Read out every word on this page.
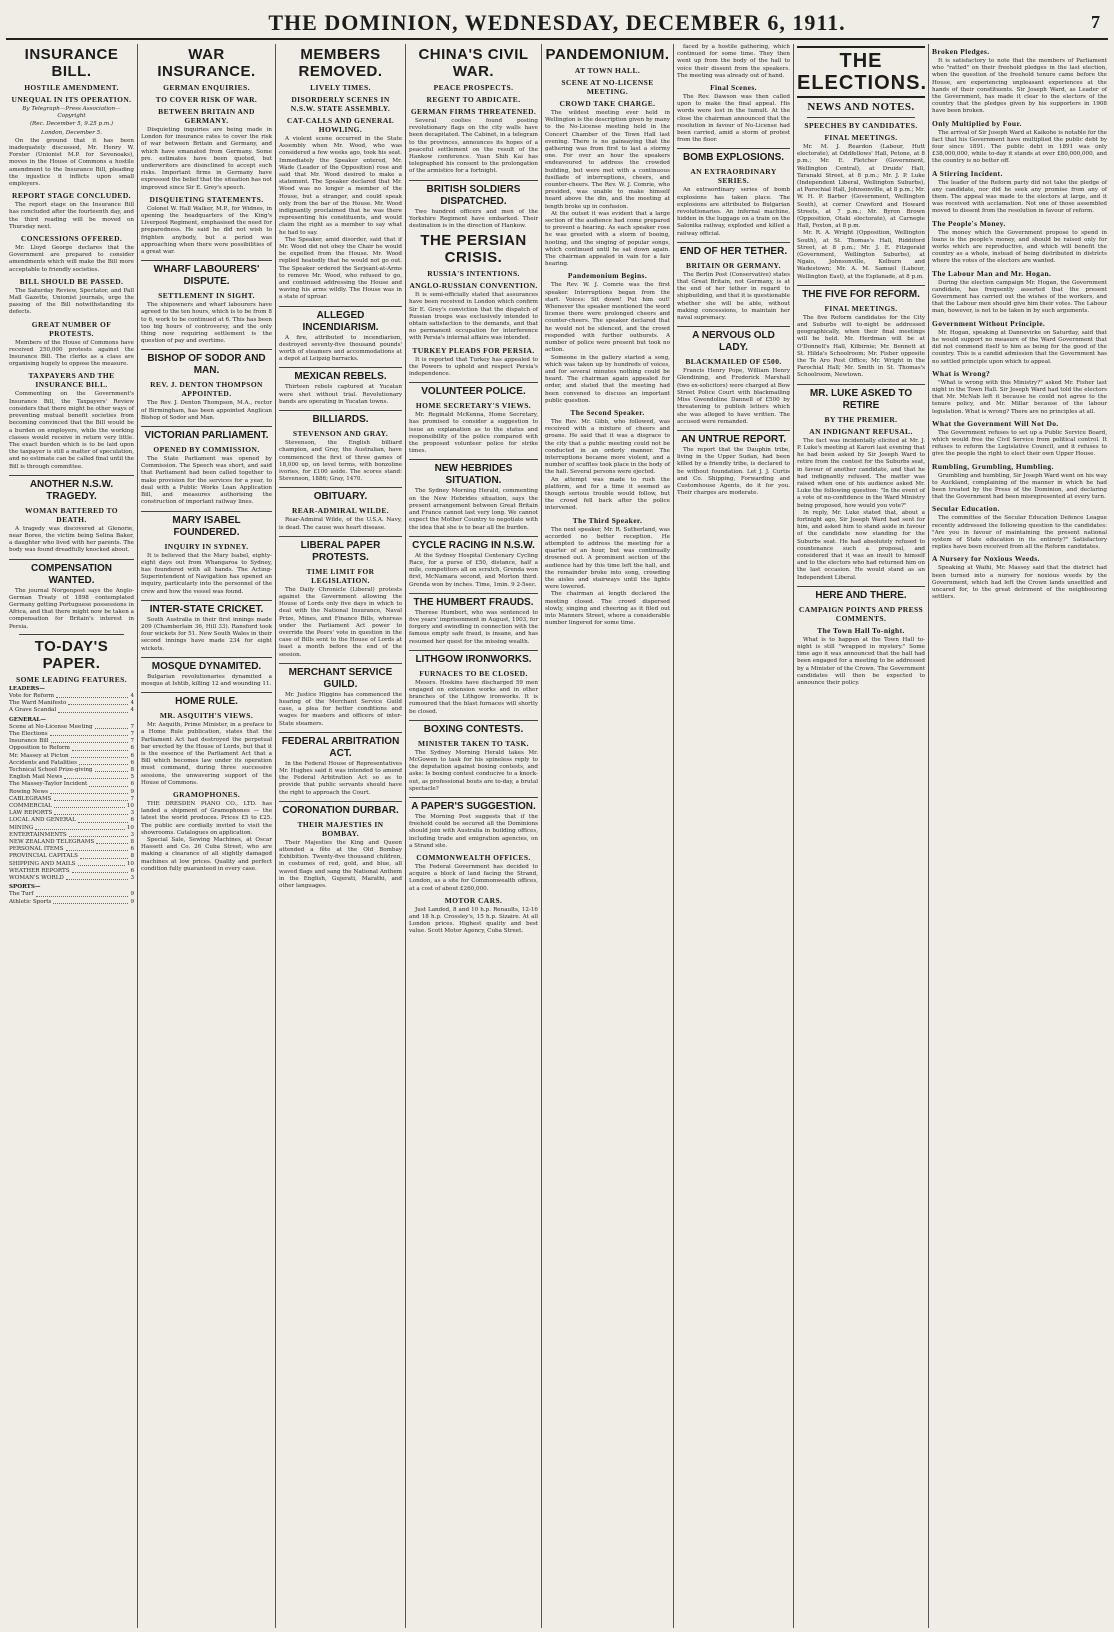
THE DOMINION, WEDNESDAY, DECEMBER 6, 1911.	7
INSURANCE BILL.
HOSTILE AMENDMENT.
UNEQUAL IN ITS OPERATION.
By Telegraph—Press Association—Copyright
(Rec. December 5, 9.25 p.m.)
London, December 5.

On the ground that it has been inadequately discussed, Mr. Henry W. Forster (Unionist M.P. for Sevenoaks), moves in the House of Commons a hostile amendment to the Insurance Bill, pleading the injustice it inflicts upon small employers.

REPORT STAGE CONCLUDED.

The report stage on the Insurance Bill has concluded after the fourteenth day, and the third reading will be moved on Thursday next.

CONCESSIONS OFFERED.

Mr. Lloyd George declares that the Government are prepared to consider amendments which will make the Bill more acceptable to friendly societies.

BILL SHOULD BE PASSED.

The Saturday Review, Spectator, and Pall Mall Gazette, Unionist journals, urge the passing of the Bill notwithstanding its defects.

GREAT NUMBER OF PROTESTS.

Members of the House of Commons have received 250,000 protests against the Insurance Bill. The clerks as a class are organising hugely to oppose the measure.

TAXPAYERS AND THE INSURANCE BILL.

Commenting on the Government's Insurance Bill, the Taxpayers' Review considers that there might be other ways of preventing mutual benefit societies from becoming convinced that the Bill would be a burden on employers, while the working classes would receive in return very little. The exact burden which is to be laid upon the taxpayer is still a matter of speculation, and no estimate can be called final until the Bill is through committee.

ANOTHER N.S.W. TRAGEDY.
WOMAN BATTERED TO DEATH.

A tragedy was discovered at Glenorie, near Boree, the victim being Selina Baker, a daughter who lived with her parents. The body was found dreadfully knocked about.

COMPENSATION WANTED.

The journal Norgenpost says the Anglo-German Treaty of 1898 contemplated Germany getting Portuguese possessions in Africa, and that there might now be taken a compensation for Britain's interest in Persia.

TO-DAY'S PAPER.
SOME LEADING FEATURES.
LEADERS—
Vote for Reform	4
The Ward Manifesto	4
A Grave Scandal	4
GENERAL—
Scene at No-License Meeting	7
The Elections	7
Insurance Bill	7
Opposition to Reform	6
Mr. Massey at Picton	6
Accidents and Fatalities	6
Technical School Prize-giving	8
English Mail News	5
The Massey-Taylor Incident	6
Rowing News	9
CABLEGRAMS	7
COMMERCIAL	10
LAW REPORTS	3
LOCAL AND GENERAL	6
MINING	10
ENTERTAINMENTS	3
NEW ZEALAND TELEGRAMS	8
PERSONAL ITEMS	6
PROVINCIAL CAPITALS	8
SHIPPING AND MAILS	10
WEATHER REPORTS	6
WOMAN'S WORLD	3
SPORTS—
The Turf	9
Athletic Sports	9
WAR INSURANCE.
GERMAN ENQUIRIES.
TO COVER RISK OF WAR.
BETWEEN BRITAIN AND GERMANY.

Disquieting inquiries are being made in London for insurance rates to cover the risk of war between Britain and Germany, and which have emanated from Germany. Some pre. estimates have been quoted, but underwriters are disinclined to accept such risks. Important firms in Germany have expressed the belief that the situation has not improved since Sir E. Grey's speech.

DISQUIETING STATEMENTS.

Colonel W. Hall Walker, M.P., for Widnes, in opening the headquarters of the King's Liverpool Regiment, emphasised the need for preparedness. He said he did not wish to frighten anybody, but a period was approaching when there were possibilities of a great war.

WHARF LABOURERS' DISPUTE.
SETTLEMENT IN SIGHT.

The shipowners and wharf labourers have agreed to the ten hours, which is to be from 8 to 6, work to be continued at 6. This has been too big hours of controversy, and the only thing now requiring settlement is the question of pay and overtime.

BISHOP OF SODOR AND MAN.
REV. J. DENTON THOMPSON APPOINTED.

The Rev. J. Denton Thompson, M.A., rector of Birmingham, has been appointed Anglican Bishop of Sodor and Man.

VICTORIAN PARLIAMENT.
OPENED BY COMMISSION.

The State Parliament was opened by Commission. The Speech was short, and said that Parliament had been called together to make provision for the services for a year, to deal with a Public Works Loan Application Bill, and measures authorising the construction of important railway lines.

MARY ISABEL FOUNDERED.
INQUIRY IN SYDNEY.

It is believed that the Mary Isabel, eighty-eight days out from Whangaroa to Sydney, has foundered with all hands. The Acting-Superintendent of Navigation has opened an inquiry, particularly into the personnel of the crew and how the vessel was found.

INTER-STATE CRICKET.

South Australia in their first innings made 209 (Chamberlain 36, Hill 33). Ransford took four wickets for 51. New South Wales in their second innings have made 234 for eight wickets.

MOSQUE DYNAMITED.

Bulgarian revolutionaries dynamited a mosque at Ishtib, killing 12 and wounding 11.

HOME RULE.
MR. ASQUITH'S VIEWS.

Mr. Asquith, Prime Minister, in a preface to a Home Rule publication, states that the Parliament Act had destroyed the perpetual bar erected by the House of Lords, but that it is the essence of the Parliament Act that a Bill which becomes law under its operation must command, during three successive sessions, the unwavering support of the House of Commons.

GRAMOPHONES.

THE DRESDEN PIANO CO., LTD. has landed a shipment of Gramophones — the latest the world produces. Prices £5 to £25. The public are cordially invited to visit the showrooms. Catalogues on application.

Special Sale, Sewing Machines, at Oscar Hassett and Co. 26 Cuba Street, who are making a clearance of all slightly damaged machines at low prices. Quality and perfect condition fully guaranteed in every case.

MEMBERS REMOVED.
LIVELY TIMES.
DISORDERLY SCENES IN N.S.W. STATE ASSEMBLY.
CAT-CALLS AND GENERAL HOWLING.

A violent scene occurred in the State Assembly when Mr. Wood, who was considered a few weeks ago, took his seat. Immediately the Speaker entered, Mr. Wade (Leader of the Opposition) rose and said that Mr. Wood desired to make a statement. The Speaker declared that Mr. Wood was no longer a member of the House, but a stranger, and could speak only from the bar of the House. Mr. Wood indignantly proclaimed that he was there representing his constituents, and would claim the right as a member to say what he had to say.

The Speaker, amid disorder, said that if Mr. Wood did not obey the Chair he would be expelled from the House. Mr. Wood replied heatedly that he would not go out. The Speaker ordered the Serjeant-at-Arms to remove Mr. Wood, who refused to go, and continued addressing the House and waving his arms wildly. The House was in a state of uproar.

ALLEGED INCENDIARISM.

A fire, attributed to incendiarism, destroyed seventy-five thousand pounds' worth of steamers and accommodations at a depot at Leipzig barracks.

MEXICAN REBELS.

Thirteen rebels captured at Yucatan were shot without trial. Revolutionary bands are operating in Yucatan towns.

BILLIARDS.
STEVENSON AND GRAY.

Stevenson, the English billiard champion, and Gray, the Australian, have commenced the first of three games of 18,000 up, on level terms, with bonzoline ivories, for £100 aside. The scores stand: Stevenson, 1886; Gray, 1470.

OBITUARY.
REAR-ADMIRAL WILDE.

Rear-Admiral Wilde, of the U.S.A. Navy, is dead. The cause was heart disease.

LIBERAL PAPER PROTESTS.
TIME LIMIT FOR LEGISLATION.

The Daily Chronicle (Liberal) protests against the Government allowing the House of Lords only five days in which to deal with the National Insurance, Naval Prize, Mines, and Finance Bills, whereas under the Parliament Act power to override the Peers' vote in question in the case of Bills sent to the House of Lords at least a month before the end of the session.

MERCHANT SERVICE GUILD.

Mr. Justice Higgins has commenced the hearing of the Merchant Service Guild case, a plea for better conditions and wages for masters and officers of inter-State steamers.

FEDERAL ARBITRATION ACT.

In the Federal House of Representatives Mr. Hughes said it was intended to amend the Federal Arbitration Act so as to provide that public servants should have the right to approach the Court.

CORONATION DURBAR.
THEIR MAJESTIES IN BOMBAY.

Their Majesties the King and Queen attended a fête at the Old Bombay Exhibition. Twenty-five thousand children, in costumes of red, gold, and blue, all waved flags and sang the National Anthem in the English, Gujerati, Marathi, and other languages.

CHINA'S CIVIL WAR.
PEACE PROSPECTS.
REGENT TO ABDICATE.
GERMAN FIRMS THREATENED.

Several coolies found posting revolutionary flags on the city walls have been decapitated. The Cabinet, in a telegram to the provinces, announces its hopes of a peaceful settlement on the result of the Hankow conference. Yuan Shih Kai has telegraphed his consent to the prolongation of the armistice for a fortnight.

BRITISH SOLDIERS DISPATCHED.

Two hundred officers and men of the Yorkshire Regiment have embarked. Their destination is in the direction of Hankow.

THE PERSIAN CRISIS.
RUSSIA'S INTENTIONS.
ANGLO-RUSSIAN CONVENTION.

It is semi-officially stated that assurances have been received in London which confirm Sir E. Grey's conviction that the dispatch of Russian troops was exclusively intended to obtain satisfaction to the demands, and that no permanent occupation for interference with Persia's internal affairs was intended.

TURKEY PLEADS FOR PERSIA.

It is reported that Turkey has appealed to the Powers to uphold and respect Persia's independence.

VOLUNTEER POLICE.
HOME SECRETARY'S VIEWS.

Mr. Reginald McKenna, Home Secretary, has promised to consider a suggestion to issue an explanation as to the status and responsibility of the police compared with the proposed volunteer police for strike times.

NEW HEBRIDES SITUATION.

The Sydney Morning Herald, commenting on the New Hebrides situation, says the present arrangement between Great Britain and France cannot last very long. We cannot expect the Mother Country to negotiate with the idea that she is to bear all the burden.

CYCLE RACING IN N.S.W.

At the Sydney Hospital Centenary Cycling Race, for a purse of £50, distance, half a mile, competitors all on scratch, Grenda won first, McNamara second, and Morton third. Grenda won by inches. Time, 1min. 9 2-5sec.

THE HUMBERT FRAUDS.

Therese Humbert, who was sentenced to five years' imprisonment in August, 1903, for forgery and swindling in connection with the famous empty safe fraud, is insane, and has resumed her quest for the missing wealth.

LITHGOW IRONWORKS.
FURNACES TO BE CLOSED.

Messrs. Hoskins have discharged 59 men engaged on extension works and in other branches of the Lithgow ironworks. It is rumoured that the blast furnaces will shortly be closed.

BOXING CONTESTS.
MINISTER TAKEN TO TASK.

The Sydney Morning Herald takes Mr. McGowen to task for his spineless reply to the deputation against boxing contests, and asks: Is boxing contest conducive to a knock-out, as professional bouts are to-day, a brutal spectacle?

A PAPER'S SUGGESTION.

The Morning Post suggests that if the freehold could be secured all the Dominions should join with Australia in building offices, including trade and emigration agencies, on a Strand site.

COMMONWEALTH OFFICES.

The Federal Government has decided to acquire a block of land facing the Strand, London, as a site for Commonwealth offices, at a cost of about £260,000.

MOTOR CARS.

Just Landed, 8 and 10 h.p. Renaults, 12-16 and 18 h.p. Crossley's, 15 h.p. Sizaire. At all London prices. Highest quality and best value. Scott Motor Agency, Cuba Street.

PANDEMONIUM.
AT TOWN HALL.
SCENE AT NO-LICENSE MEETING.
CROWD TAKE CHARGE.

The wildest meeting ever held in Wellington is the description given by many to the No-License meeting held in the Concert Chamber of the Town Hall last evening. There is no gainsaying that the gathering was from first to last a stormy one. For over an hour the speakers endeavoured to address the crowded building, but were met with a continuous fusillade of interruptions, cheers, and counter-cheers. The Rev. W. J. Comrie, who presided, was unable to make himself heard above the din, and the meeting at length broke up in confusion.

At the outset it was evident that a large section of the audience had come prepared to prevent a hearing. As each speaker rose he was greeted with a storm of booing, hooting, and the singing of popular songs, which continued until he sat down again. The chairman appealed in vain for a fair hearing.

Pandemonium Begins.

The Rev. W. J. Comrie was the first speaker. Interruptions began from the start. Voices: Sit down! Put him out! Whenever the speaker mentioned the word license there were prolonged cheers and counter-cheers. The speaker declared that he would not be silenced, and the crowd responded with further outbursts. A number of police were present but took no action.

Someone in the gallery started a song, which was taken up by hundreds of voices, and for several minutes nothing could be heard. The chairman again appealed for order, and stated that the meeting had been convened to discuss an important public question.

The Second Speaker.

The Rev. Mr. Gibb, who followed, was received with a mixture of cheers and groans. He said that it was a disgrace to the city that a public meeting could not be conducted in an orderly manner. The interruptions became more violent, and a number of scuffles took place in the body of the hall. Several persons were ejected.

An attempt was made to rush the platform, and for a time it seemed as though serious trouble would follow, but the crowd fell back after the police intervened.

The Third Speaker.

The next speaker, Mr. R. Sutherland, was accorded no better reception. He attempted to address the meeting for a quarter of an hour, but was continually drowned out. A prominent section of the audience had by this time left the hall, and the remainder broke into song, crowding the aisles and stairways until the lights were lowered.

The chairman at length declared the meeting closed. The crowd dispersed slowly, singing and cheering as it filed out into Manners Street, where a considerable number lingered for some time.

faced by a hostile gathering, which continued for some time. They then went up from the body of the hall to voice their dissent from the speakers. The meeting was already out of hand.

Final Scenes.

The Rev. Dawson was then called upon to make the final appeal. His words were lost in the tumult. At the close the chairman announced that the resolution in favour of No-License had been carried, amid a storm of protest from the floor.

BOMB EXPLOSIONS.
AN EXTRAORDINARY SERIES.

An extraordinary series of bomb explosions has taken place. The explosions are attributed to Bulgarian revolutionaries. An infernal machine, hidden in the luggage on a train on the Salonika railway, exploded and killed a railway official.

END OF HER TETHER.
BRITAIN OR GERMANY.

The Berlin Post (Conservative) states that Great Britain, not Germany, is at the end of her tether in regard to shipbuilding, and that it is questionable whether she will be able, without making concessions, to maintain her naval supremacy.

A NERVOUS OLD LADY.
BLACKMAILED OF £500.

Francis Henry Pope, William Henry Glendining, and Frederick Marshall (two ex-solicitors) were charged at Bow Street Police Court with blackmailing Miss Gwendoline Dannell of £500 by threatening to publish letters which she was alleged to have written. The accused were remanded.

AN UNTRUE REPORT.

The report that the Dauphin tribe, living in the Upper Sudan, had been killed by a friendly tribe, is declared to be without foundation. Let J. J. Curtis and Co. Shipping, Forwarding and Customhouse Agents, do it for you. Their charges are moderate.

THE ELECTIONS.
NEWS AND NOTES.
SPEECHES BY CANDIDATES.
FINAL MEETINGS.

Mr. M. J. Reardon (Labour, Hutt electorate), at Oddfellows' Hall, Petone, at 8 p.m.; Mr. E. Fletcher (Government, Wellington Central), at Druids' Hall, Taranaki Street, at 8 p.m.; Mr. J. P. Luke (Independent Liberal, Wellington Suburbs), at Parochial Hall, Johnsonville, at 8 p.m.; Mr. W. H. P. Barber (Government, Wellington South), at corner Crawford and Howard Streets, at 7 p.m.; Mr. Byron Brown (Opposition, Otaki electorate), at Carnegie Hall, Foxton, at 8 p.m.

Mr. R. A. Wright (Opposition, Wellington South), at St. Thomas's Hall, Riddiford Street, at 8 p.m.; Mr. J. E. Fitzgerald (Government, Wellington Suburbs), at Ngaio, Johnsonville, Kelburn and Wadestown; Mr. A. M. Samuel (Labour, Wellington East), at the Esplanade, at 8 p.m.

THE FIVE FOR REFORM.
FINAL MEETINGS.

The five Reform candidates for the City and Suburbs will to-night be addressed geographically, when their final meetings will be held. Mr. Herdman will be at O'Donnell's Hall, Kilbirnie; Mr. Bennett at St. Hilda's Schoolroom; Mr. Fisher opposite the Te Aro Post Office; Mr. Wright in the Parochial Hall; Mr. Smith in St. Thomas's Schoolroom, Newtown.

MR. LUKE ASKED TO RETIRE
BY THE PREMIER.
AN INDIGNANT REFUSAL.

The fact was incidentally elicited at Mr. J. P. Luke's meeting at Karori last evening that he had been asked by Sir Joseph Ward to retire from the contest for the Suburbs seat, in favour of another candidate, and that he had indignantly refused. The matter was raised when one of his audience asked Mr. Luke the following question: "In the event of a vote of no-confidence in the Ward Ministry being proposed, how would you vote?"

In reply, Mr. Luke stated that, about a fortnight ago, Sir Joseph Ward had sent for him, and asked him to stand aside in favour of the candidate now standing for the Suburbs seat. He had absolutely refused to countenance such a proposal, and considered that it was an insult to himself and to the electors who had returned him on the last occasion. He would stand as an Independent Liberal.

HERE AND THERE.
CAMPAIGN POINTS AND PRESS COMMENTS.
The Town Hall To-night.

What is to happen at the Town Hall to-night is still "wrapped in mystery." Some time ago it was announced that the hall had been engaged for a meeting to be addressed by a Minister of the Crown. The Government candidates will then be expected to announce their policy.

Broken Pledges.

It is satisfactory to note that the members of Parliament who "ratted" on their freehold pledges in the last election, when the question of the freehold tenure came before the House, are experiencing unpleasant experiences at the hands of their constituents. Sir Joseph Ward, as Leader of the Government, has made it clear to the electors of the country that the pledges given by his supporters in 1908 have been broken.

Only Multiplied by Four.

The arrival of Sir Joseph Ward at Kaikohe is notable for the fact that his Government have multiplied the public debt by four since 1891. The public debt in 1891 was only £38,000,000, while to-day it stands at over £80,000,000, and the country is no better off.

A Stirring Incident.

The leader of the Reform party did not take the pledge of any candidate, nor did he seek any promise from any of them. The appeal was made to the electors at large, and it was received with acclamation. Not one of those assembled moved to dissent from the resolution in favour of reform.

The People's Money.

The money which the Government propose to spend in loans is the people's money, and should be raised only for works which are reproductive, and which will benefit the country as a whole, instead of being distributed in districts where the votes of the electors are wanted.

The Labour Man and Mr. Hogan.

During the election campaign Mr. Hogan, the Government candidate, has frequently asserted that the present Government has carried out the wishes of the workers, and that the Labour men should give him their votes. The Labour man, however, is not to be taken in by such arguments.

Government Without Principle.

Mr. Hogan, speaking at Dannevirke on Saturday, said that he would support no measure of the Ward Government that did not commend itself to him as being for the good of the country. This is a candid admission that the Government has no settled principle upon which to appeal.

What is Wrong?

"What is wrong with this Ministry?" asked Mr. Fisher last night in the Town Hall. Sir Joseph Ward had told the electors that Mr. McNab left it because he could not agree to the tenure policy, and Mr. Millar because of the labour legislation. What is wrong? There are no principles at all.

What the Government Will Not Do.

The Government refuses to set up a Public Service Board, which would free the Civil Service from political control. It refuses to reform the Legislative Council, and it refuses to give the people the right to elect their own Upper House.

Rumbling, Grumbling, Humbling.

Grumbling and humbling, Sir Joseph Ward went on his way to Auckland, complaining of the manner in which he had been treated by the Press of the Dominion, and declaring that the Government had been misrepresented at every turn.

Secular Education.

The committee of the Secular Education Defence League recently addressed the following question to the candidates: "Are you in favour of maintaining the present national system of State education in its entirety?" Satisfactory replies have been received from all the Reform candidates.

A Nursery for Noxious Weeds.

Speaking at Waihi, Mr. Massey said that the district had been turned into a nursery for noxious weeds by the Government, which had left the Crown lands unsettled and uncared for, to the great detriment of the neighbouring settlers.
